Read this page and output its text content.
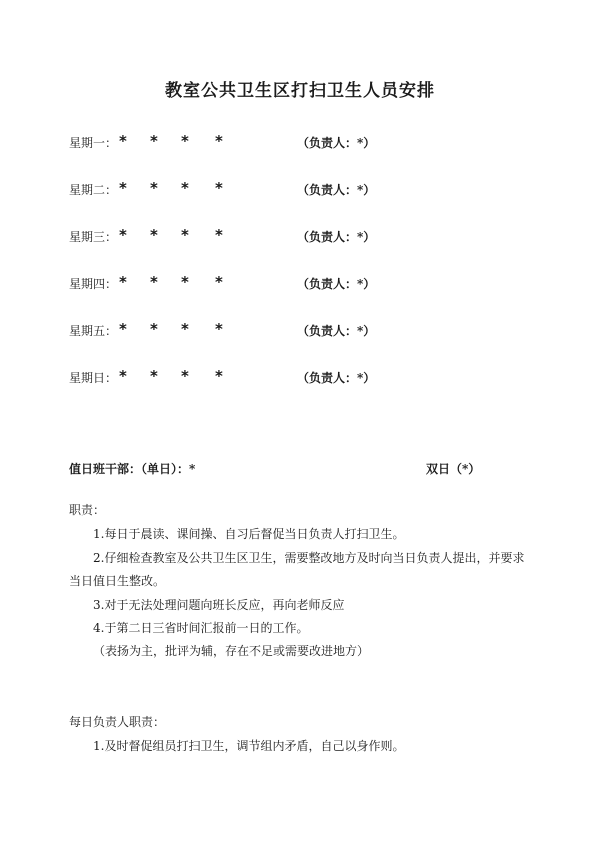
教室公共卫生区打扫卫生人员安排
星期一： * * * *	（负责人：*）
星期二： * * * *	（负责人：*）
星期三： * * * *	（负责人：*）
星期四： * * * *	（负责人：*）
星期五： * * * *	（负责人：*）
星期日： * * * *	（负责人：*）
值日班干部：（单日）：*	双日（*）
职责：
1.每日于晨读、课间操、自习后督促当日负责人打扫卫生。
2.仔细检查教室及公共卫生区卫生，需要整改地方及时向当日负责人提出，并要求
当日值日生整改。
3.对于无法处理问题向班长反应，再向老师反应
4.于第二日三省时间汇报前一日的工作。
（表扬为主，批评为辅，存在不足或需要改进地方）
每日负责人职责：
1.及时督促组员打扫卫生，调节组内矛盾，自己以身作则。
